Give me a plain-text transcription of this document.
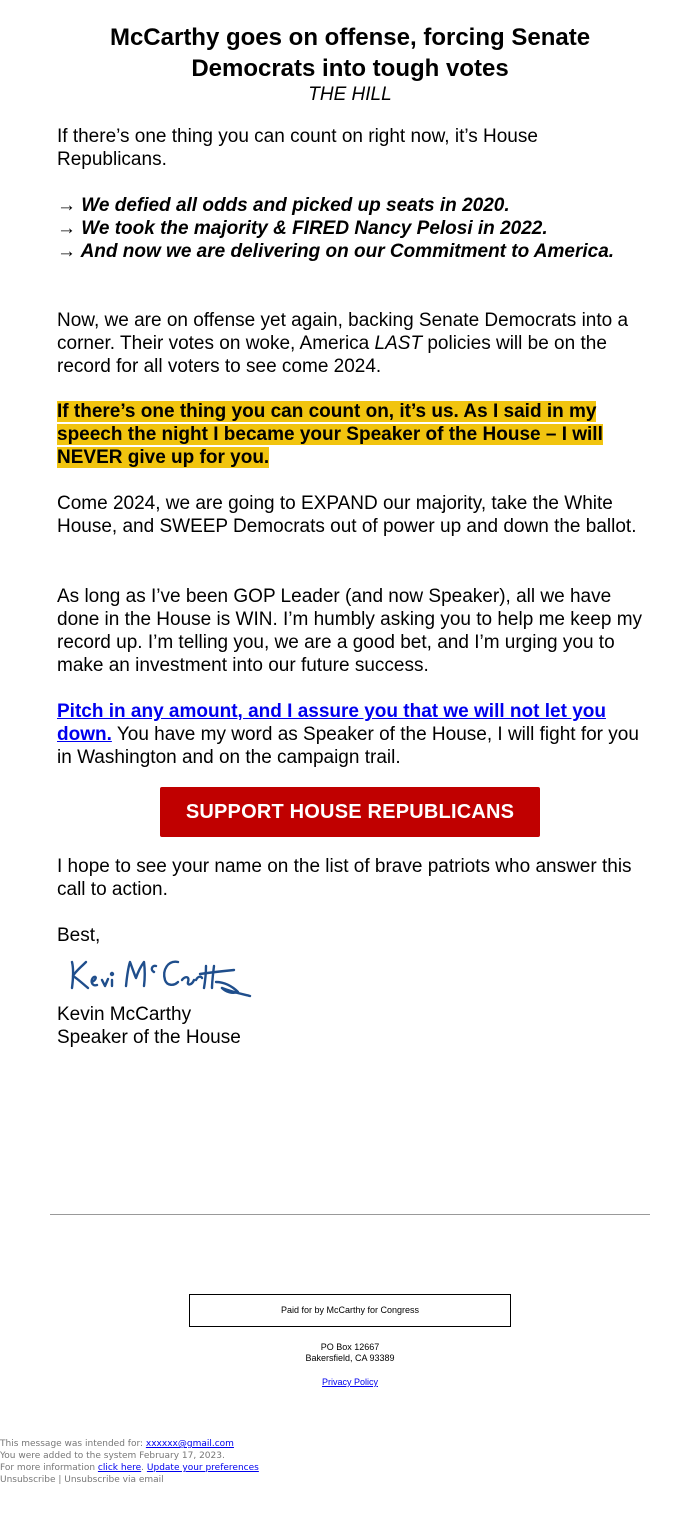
McCarthy goes on offense, forcing Senate Democrats into tough votes
THE HILL

If there’s one thing you can count on right now, it’s House Republicans.

→ We defied all odds and picked up seats in 2020.
→ We took the majority & FIRED Nancy Pelosi in 2022.
→ And now we are delivering on our Commitment to America.

Now, we are on offense yet again, backing Senate Democrats into a corner. Their votes on woke, America LAST policies will be on the record for all voters to see come 2024.

If there’s one thing you can count on, it’s us. As I said in my speech the night I became your Speaker of the House – I will NEVER give up for you.

Come 2024, we are going to EXPAND our majority, take the White House, and SWEEP Democrats out of power up and down the ballot.

As long as I’ve been GOP Leader (and now Speaker), all we have done in the House is WIN. I’m humbly asking you to help me keep my record up. I’m telling you, we are a good bet, and I’m urging you to make an investment into our future success.

Pitch in any amount, and I assure you that we will not let you down. You have my word as Speaker of the House, I will fight for you in Washington and on the campaign trail.

SUPPORT HOUSE REPUBLICANS

I hope to see your name on the list of brave patriots who answer this call to action.

Best,

Kevin McCarthy
Speaker of the House
Paid for by McCarthy for Congress
PO Box 12667
Bakersfield, CA 93389
Privacy Policy
This message was intended for: xxxxxx@gmail.com
You were added to the system February 17, 2023.
For more information click here. Update your preferences
Unsubscribe | Unsubscribe via email
